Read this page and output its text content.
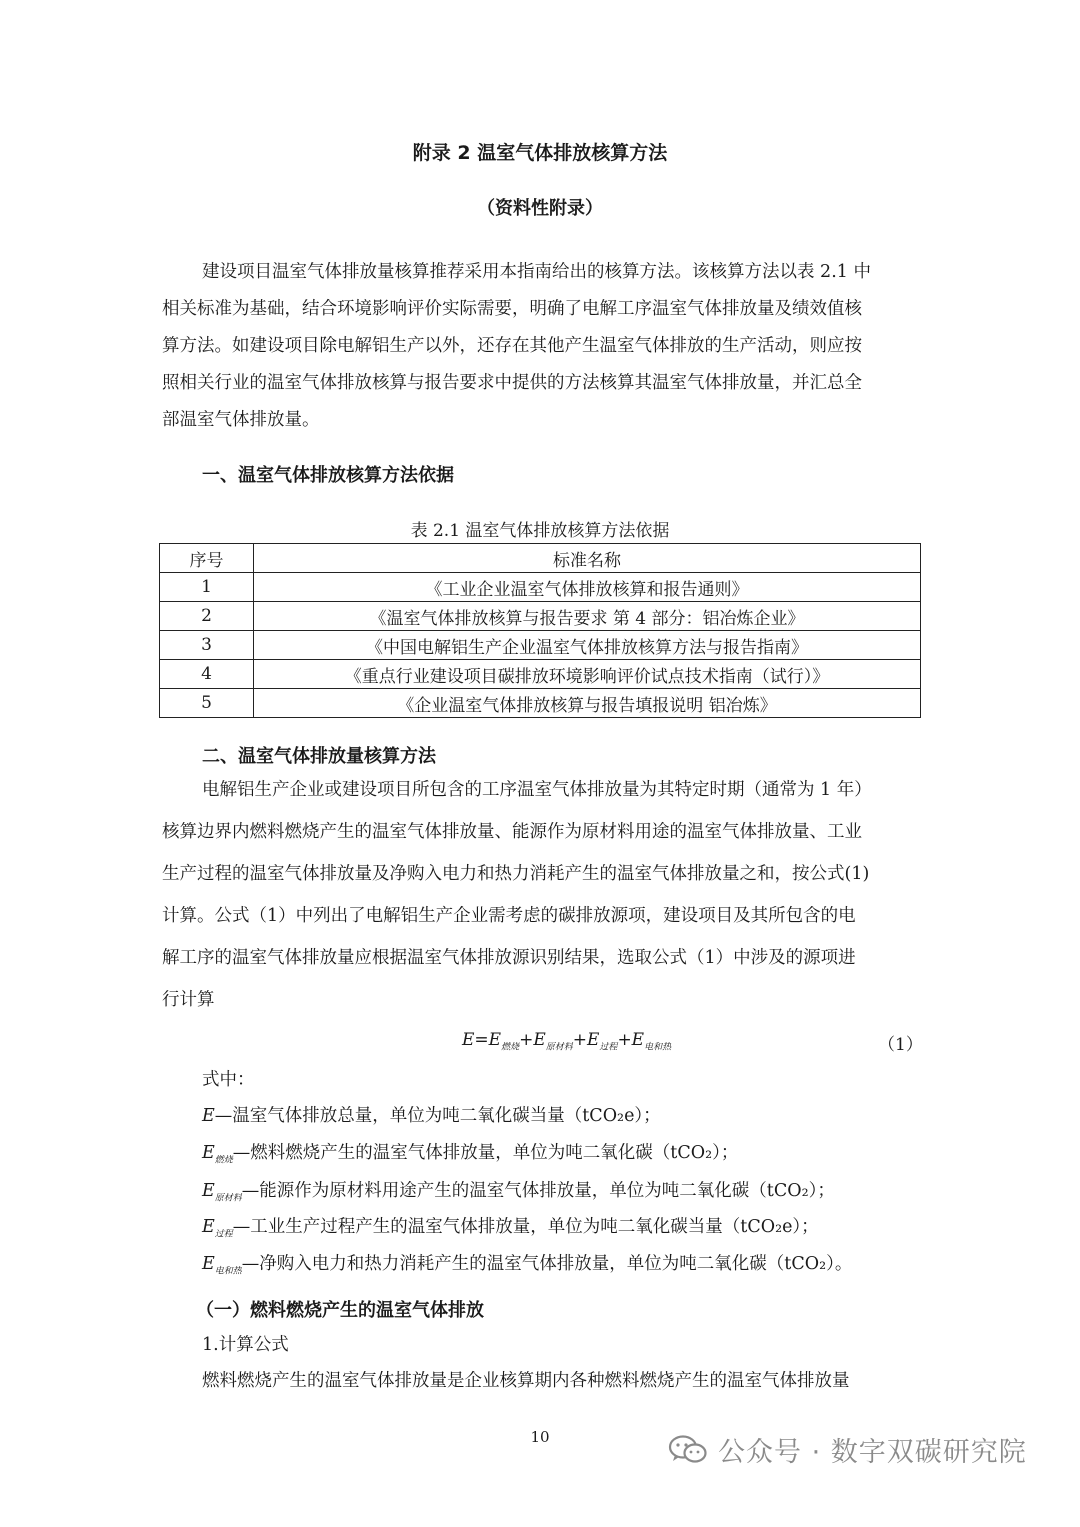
附录 2 温室气体排放核算方法
（资料性附录）
建设项目温室气体排放量核算推荐采用本指南给出的核算方法。该核算方法以表 2.1 中
相关标准为基础，结合环境影响评价实际需要，明确了电解工序温室气体排放量及绩效值核
算方法。如建设项目除电解铝生产以外，还存在其他产生温室气体排放的生产活动，则应按
照相关行业的温室气体排放核算与报告要求中提供的方法核算其温室气体排放量，并汇总全
部温室气体排放量。
一、温室气体排放核算方法依据
表 2.1 温室气体排放核算方法依据
序号	标准名称
1	《工业企业温室气体排放核算和报告通则》
2	《温室气体排放核算与报告要求 第 4 部分：铝冶炼企业》
3	《中国电解铝生产企业温室气体排放核算方法与报告指南》
4	《重点行业建设项目碳排放环境影响评价试点技术指南（试行）》
5	《企业温室气体排放核算与报告填报说明 铝冶炼》
二、温室气体排放量核算方法
电解铝生产企业或建设项目所包含的工序温室气体排放量为其特定时期（通常为 1 年）
核算边界内燃料燃烧产生的温室气体排放量、能源作为原材料用途的温室气体排放量、工业
生产过程的温室气体排放量及净购入电力和热力消耗产生的温室气体排放量之和，按公式(1)
计算。公式（1）中列出了电解铝生产企业需考虑的碳排放源项，建设项目及其所包含的电
解工序的温室气体排放量应根据温室气体排放源识别结果，选取公式（1）中涉及的源项进
行计算
$E=E_{燃烧}+E_{原材料}+E_{过程}+E_{电和热}$	（1）
式中：
E—温室气体排放总量，单位为吨二氧化碳当量（tCO₂e）；
$E_{燃烧}—$燃料燃烧产生的温室气体排放量，单位为吨二氧化碳（tCO₂）；
$E_{原材料}—$能源作为原材料用途产生的温室气体排放量，单位为吨二氧化碳（tCO₂）；
$E_{过程}—$工业生产过程产生的温室气体排放量，单位为吨二氧化碳当量（tCO₂e）；
$E_{电和热}—$净购入电力和热力消耗产生的温室气体排放量，单位为吨二氧化碳（tCO₂）。
（一）燃料燃烧产生的温室气体排放
1.计算公式
燃料燃烧产生的温室气体排放量是企业核算期内各种燃料燃烧产生的温室气体排放量
10	公众号 · 数字双碳研究院
